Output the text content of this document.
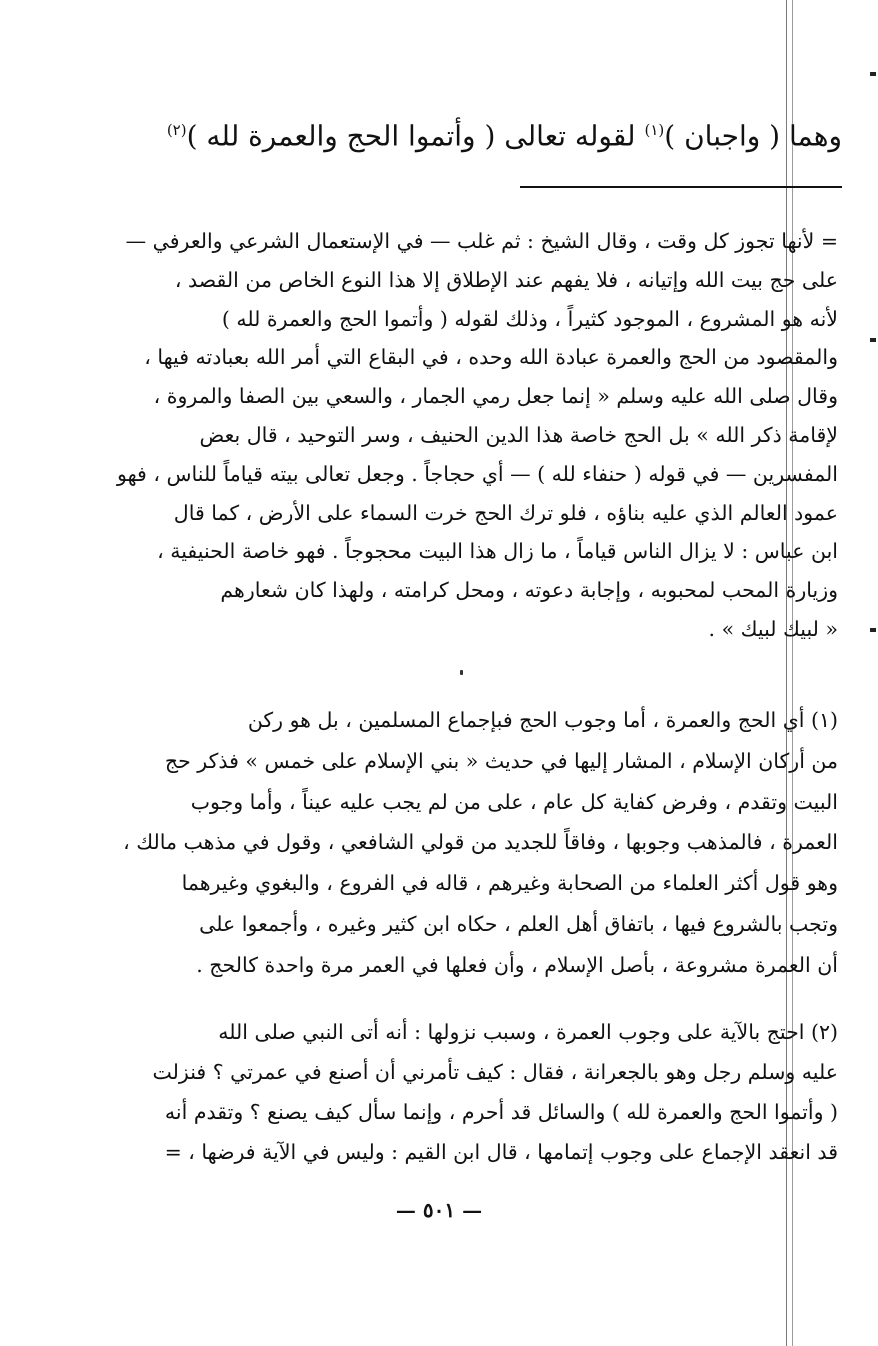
وهما ( واجبان )$^{(١)}$ لقوله تعالى ( وأتموا الحج والعمرة لله )$^{(٢)}$
= لأنها تجوز كل وقت ، وقال الشيخ : ثم غلب — في الإستعمال الشرعي والعرفي —
على حج بيت الله وإتيانه ، فلا يفهم عند الإطلاق إلا هذا النوع الخاص من القصد ،
لأنه هو المشروع ، الموجود كثيراً ، وذلك لقوله ( وأتموا الحج والعمرة لله )
والمقصود من الحج والعمرة عبادة الله وحده ، في البقاع التي أمر الله بعبادته فيها ،
وقال صلى الله عليه وسلم « إنما جعل رمي الجمار ، والسعي بين الصفا والمروة ،
لإقامة ذكر الله » بل الحج خاصة هذا الدين الحنيف ، وسر التوحيد ، قال بعض
المفسرين — في قوله ( حنفاء لله ) — أي حجاجاً . وجعل تعالى بيته قياماً للناس ، فهو
عمود العالم الذي عليه بناؤه ، فلو ترك الحج خرت السماء على الأرض ، كما قال
ابن عباس : لا يزال الناس قياماً ، ما زال هذا البيت محجوجاً . فهو خاصة الحنيفية ،
وزيارة المحب لمحبوبه ، وإجابة دعوته ، ومحل كرامته ، ولهذا كان شعارهم
« لبيك لبيك » .
(١) أي الحج والعمرة ، أما وجوب الحج فبإجماع المسلمين ، بل هو ركن
من أركان الإسلام ، المشار إليها في حديث « بني الإسلام على خمس » فذكر حج
البيت وتقدم ، وفرض كفاية كل عام ، على من لم يجب عليه عيناً ، وأما وجوب
العمرة ، فالمذهب وجوبها ، وفاقاً للجديد من قولي الشافعي ، وقول في مذهب مالك ،
وهو قول أكثر العلماء من الصحابة وغيرهم ، قاله في الفروع ، والبغوي وغيرهما
وتجب بالشروع فيها ، باتفاق أهل العلم ، حكاه ابن كثير وغيره ، وأجمعوا على
أن العمرة مشروعة ، بأصل الإسلام ، وأن فعلها في العمر مرة واحدة كالحج .
(٢) احتج بالآية على وجوب العمرة ، وسبب نزولها : أنه أتى النبي صلى الله
عليه وسلم رجل وهو بالجعرانة ، فقال : كيف تأمرني أن أصنع في عمرتي ؟ فنزلت
( وأتموا الحج والعمرة لله ) والسائل قد أحرم ، وإنما سأل كيف يصنع ؟ وتقدم أنه
قد انعقد الإجماع على وجوب إتمامها ، قال ابن القيم : وليس في الآية فرضها ، =
— ٥٠١ —
